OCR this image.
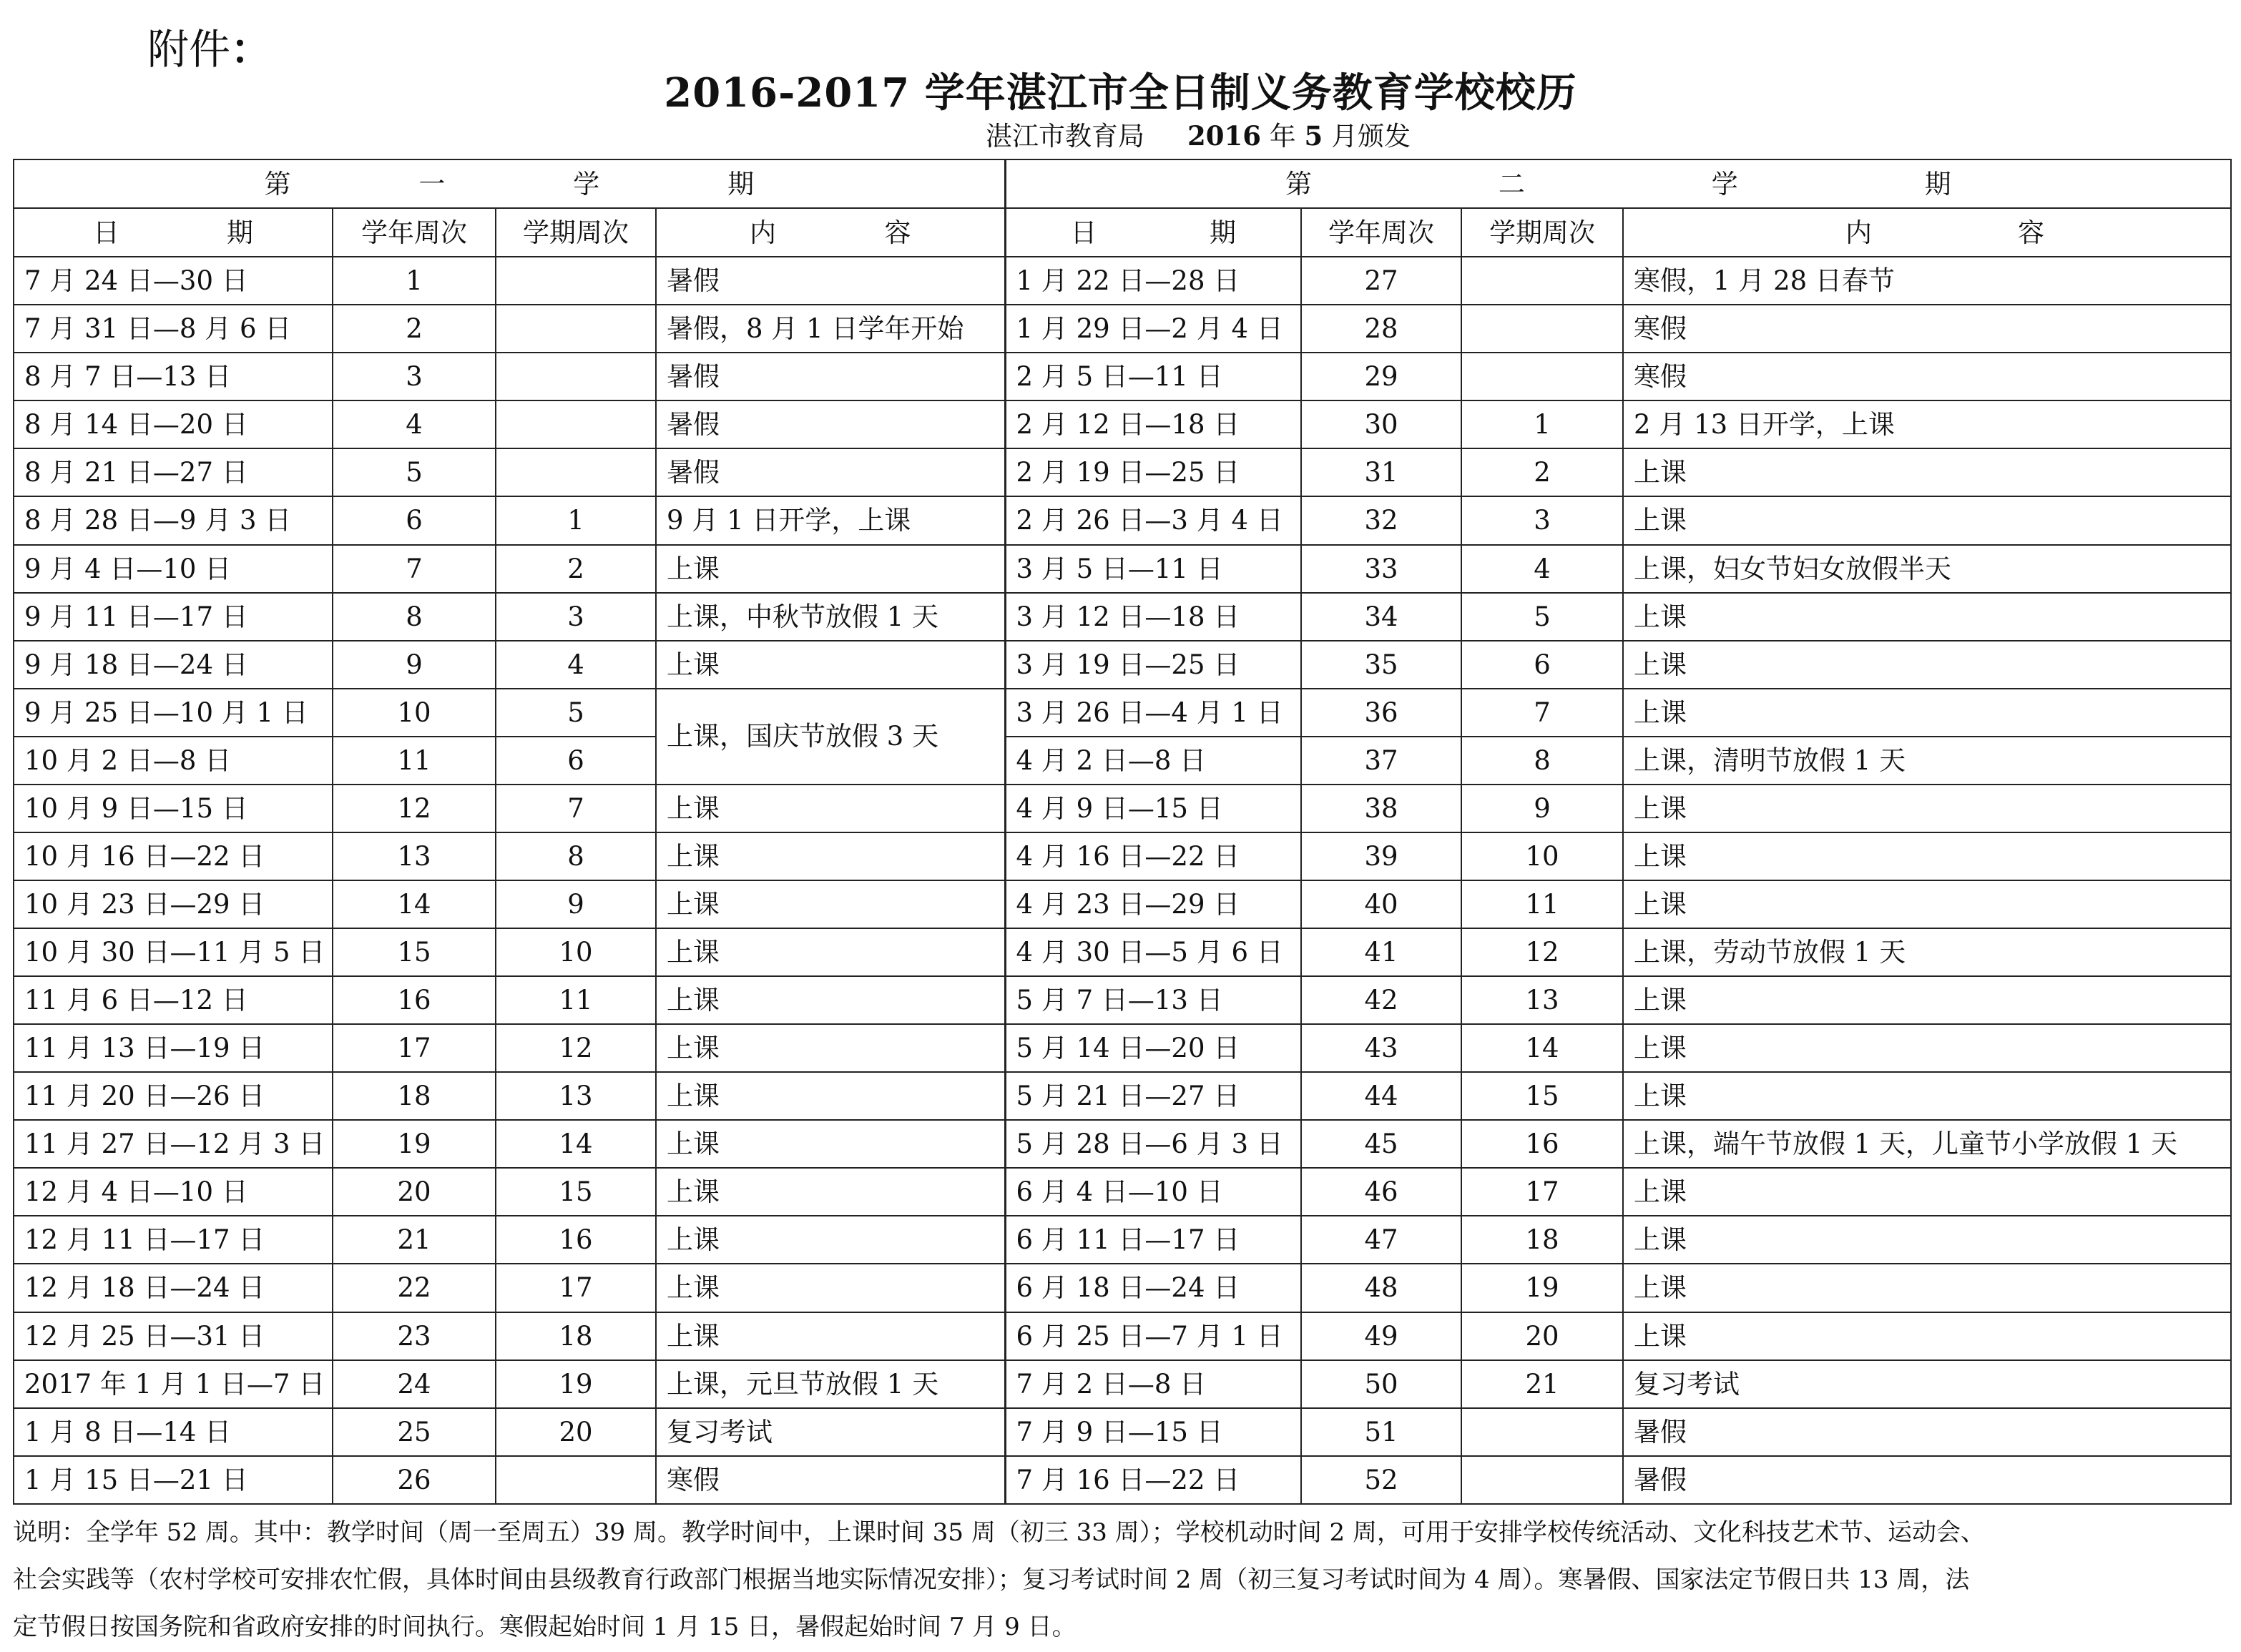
附件：
2016-2017 学年湛江市全日制义务教育学校校历
湛江市教育局 2016 年 5 月颁发
第 一 学 期				第 二 学 期			

日 期	学年周次	学期周次	内 容	日 期	学年周次	学期周次	内 容

7 月 24 日—30 日	1		暑假	1 月 22 日—28 日	27		寒假，1 月 28 日春节
7 月 31 日—8 月 6 日	2		暑假，8 月 1 日学年开始	1 月 29 日—2 月 4 日	28		寒假
8 月 7 日—13 日	3		暑假	2 月 5 日—11 日	29		寒假
8 月 14 日—20 日	4		暑假	2 月 12 日—18 日	30	1	2 月 13 日开学，上课
8 月 21 日—27 日	5		暑假	2 月 19 日—25 日	31	2	上课
8 月 28 日—9 月 3 日	6	1	9 月 1 日开学，上课	2 月 26 日—3 月 4 日	32	3	上课
9 月 4 日—10 日	7	2	上课	3 月 5 日—11 日	33	4	上课，妇女节妇女放假半天
9 月 11 日—17 日	8	3	上课，中秋节放假 1 天	3 月 12 日—18 日	34	5	上课
9 月 18 日—24 日	9	4	上课	3 月 19 日—25 日	35	6	上课
9 月 25 日—10 月 1 日	10	5	上课，国庆节放假 3 天	3 月 26 日—4 月 1 日	36	7	上课
10 月 2 日—8 日	11	6		4 月 2 日—8 日	37	8	上课，清明节放假 1 天
10 月 9 日—15 日	12	7	上课	4 月 9 日—15 日	38	9	上课
10 月 16 日—22 日	13	8	上课	4 月 16 日—22 日	39	10	上课
10 月 23 日—29 日	14	9	上课	4 月 23 日—29 日	40	11	上课
10 月 30 日—11 月 5 日	15	10	上课	4 月 30 日—5 月 6 日	41	12	上课，劳动节放假 1 天
11 月 6 日—12 日	16	11	上课	5 月 7 日—13 日	42	13	上课
11 月 13 日—19 日	17	12	上课	5 月 14 日—20 日	43	14	上课
11 月 20 日—26 日	18	13	上课	5 月 21 日—27 日	44	15	上课
11 月 27 日—12 月 3 日	19	14	上课	5 月 28 日—6 月 3 日	45	16	上课，端午节放假 1 天，儿童节小学放假 1 天
12 月 4 日—10 日	20	15	上课	6 月 4 日—10 日	46	17	上课
12 月 11 日—17 日	21	16	上课	6 月 11 日—17 日	47	18	上课
12 月 18 日—24 日	22	17	上课	6 月 18 日—24 日	48	19	上课
12 月 25 日—31 日	23	18	上课	6 月 25 日—7 月 1 日	49	20	上课
2017 年 1 月 1 日—7 日	24	19	上课，元旦节放假 1 天	7 月 2 日—8 日	50	21	复习考试
1 月 8 日—14 日	25	20	复习考试	7 月 9 日—15 日	51		暑假
1 月 15 日—21 日	26		寒假	7 月 16 日—22 日	52		暑假

说明：全学年 52 周。其中：教学时间（周一至周五）39 周。教学时间中，上课时间 35 周（初三 33 周）；学校机动时间 2 周，可用于安排学校传统活动、文化科技艺术节、运动会、

社会实践等（农村学校可安排农忙假，具体时间由县级教育行政部门根据当地实际情况安排）；复习考试时间 2 周（初三复习考试时间为 4 周）。寒暑假、国家法定节假日共 13 周，法

定节假日按国务院和省政府安排的时间执行。寒假起始时间 1 月 15 日，暑假起始时间 7 月 9 日。
